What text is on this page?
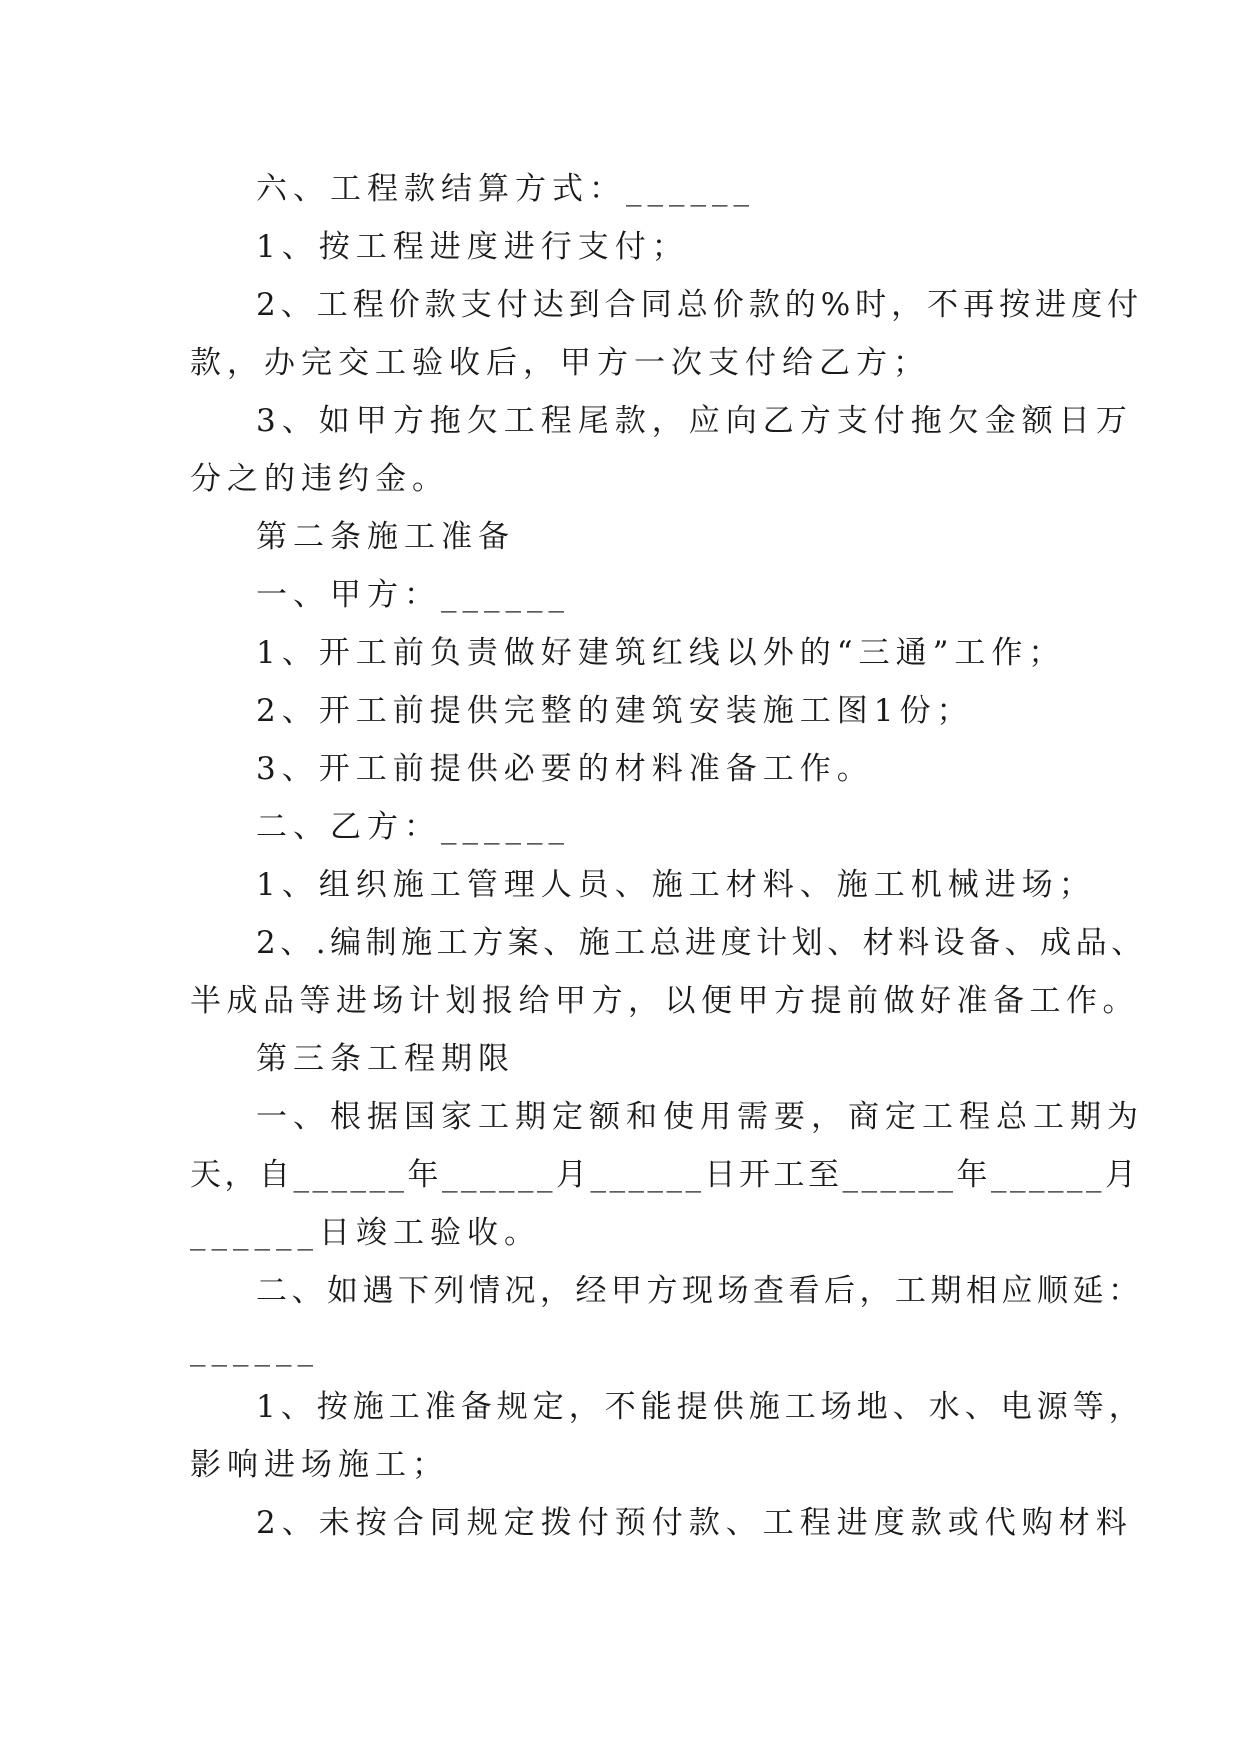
六、工程款结算方式：______

1、按工程进度进行支付；

2、工程价款支付达到合同总价款的%时，不再按进度付

款，办完交工验收后，甲方一次支付给乙方；

3、如甲方拖欠工程尾款，应向乙方支付拖欠金额日万

分之的违约金。

第二条施工准备

一、甲方：______

1、开工前负责做好建筑红线以外的“三通”工作；

2、开工前提供完整的建筑安装施工图1份；

3、开工前提供必要的材料准备工作。

二、乙方：______

1、组织施工管理人员、施工材料、施工机械进场；

2、.编制施工方案、施工总进度计划、材料设备、成品、

半成品等进场计划报给甲方，以便甲方提前做好准备工作。

第三条工程期限

一、根据国家工期定额和使用需要，商定工程总工期为

天，自______年______月______日开工至______年______月

______日竣工验收。

二、如遇下列情况，经甲方现场查看后，工期相应顺延：

______

1、按施工准备规定，不能提供施工场地、水、电源等，

影响进场施工；

2、未按合同规定拨付预付款、工程进度款或代购材料
